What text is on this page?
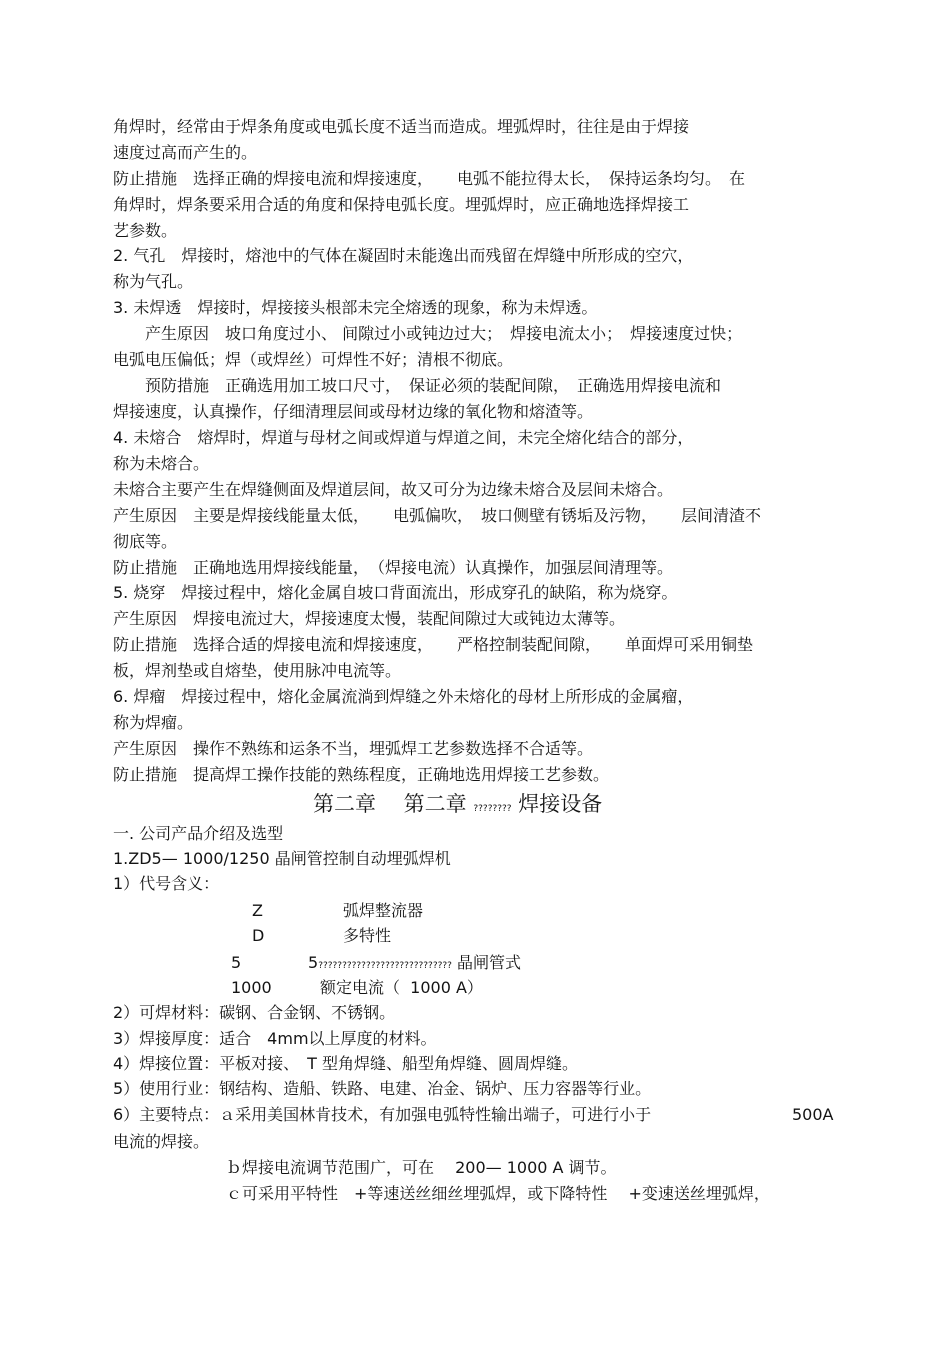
角焊时，经常由于焊条角度或电弧长度不适当而造成。埋弧焊时，往往是由于焊接
速度过高而产生的。
防止措施　选择正确的焊接电流和焊接速度，　　电弧不能拉得太长，　保持运条均匀。　在
角焊时，焊条要采用合适的角度和保持电弧长度。埋弧焊时，应正确地选择焊接工
艺参数。
2. 气孔　焊接时，熔池中的气体在凝固时未能逸出而残留在焊缝中所形成的空穴，
称为气孔。
3. 未焊透　焊接时，焊接接头根部未完全熔透的现象，称为未焊透。
　　产生原因　坡口角度过小、 间隙过小或钝边过大；　焊接电流太小；　焊接速度过快；
电弧电压偏低；焊（或焊丝）可焊性不好；清根不彻底。
　　预防措施　正确选用加工坡口尺寸，　保证必须的装配间隙，　正确选用焊接电流和
焊接速度，认真操作，仔细清理层间或母材边缘的氧化物和熔渣等。
4. 未熔合　熔焊时，焊道与母材之间或焊道与焊道之间，未完全熔化结合的部分，
称为未熔合。
未熔合主要产生在焊缝侧面及焊道层间，故又可分为边缘未熔合及层间未熔合。
产生原因　主要是焊接线能量太低，　　电弧偏吹，　坡口侧壁有锈垢及污物，　　层间清渣不
彻底等。
防止措施　正确地选用焊接线能量，　（焊接电流）认真操作，加强层间清理等。
5. 烧穿　焊接过程中，熔化金属自坡口背面流出，形成穿孔的缺陷，称为烧穿。
产生原因　焊接电流过大，焊接速度太慢，装配间隙过大或钝边太薄等。
防止措施　选择合适的焊接电流和焊接速度，　　严格控制装配间隙，　　单面焊可采用铜垫
板，焊剂垫或自熔垫，使用脉冲电流等。
6. 焊瘤　焊接过程中，熔化金属流淌到焊缝之外未熔化的母材上所形成的金属瘤，
称为焊瘤。
产生原因　操作不熟练和运条不当，埋弧焊工艺参数选择不合适等。
防止措施　提高焊工操作技能的熟练程度，正确地选用焊接工艺参数。
第二章　 第二章 ???????? 焊接设备
一. 公司产品介绍及选型
1.ZD5— 1000/1250 晶闸管控制自动埋弧焊机
1）代号含义：
Z	弧焊整流器
D	多特性
5	5???????????????????????????? 晶闸管式
1000	额定电流（  1000 A）
2）可焊材料：碳钢、合金钢、不锈钢。
3）焊接厚度：适合　4mm以上厚度的材料。
4）焊接位置：平板对接、　T 型角焊缝、船型角焊缝、圆周焊缝。
5）使用行业：钢结构、造船、铁路、电建、冶金、锅炉、压力容器等行业。
6）主要特点：ａ采用美国林肯技术，有加强电弧特性输出端子，可进行小于	500A
电流的焊接。
ｂ焊接电流调节范围广，可在　 200— 1000 A 调节。
ｃ可采用平特性　+等速送丝细丝埋弧焊，或下降特性　 +变速送丝埋弧焊，
